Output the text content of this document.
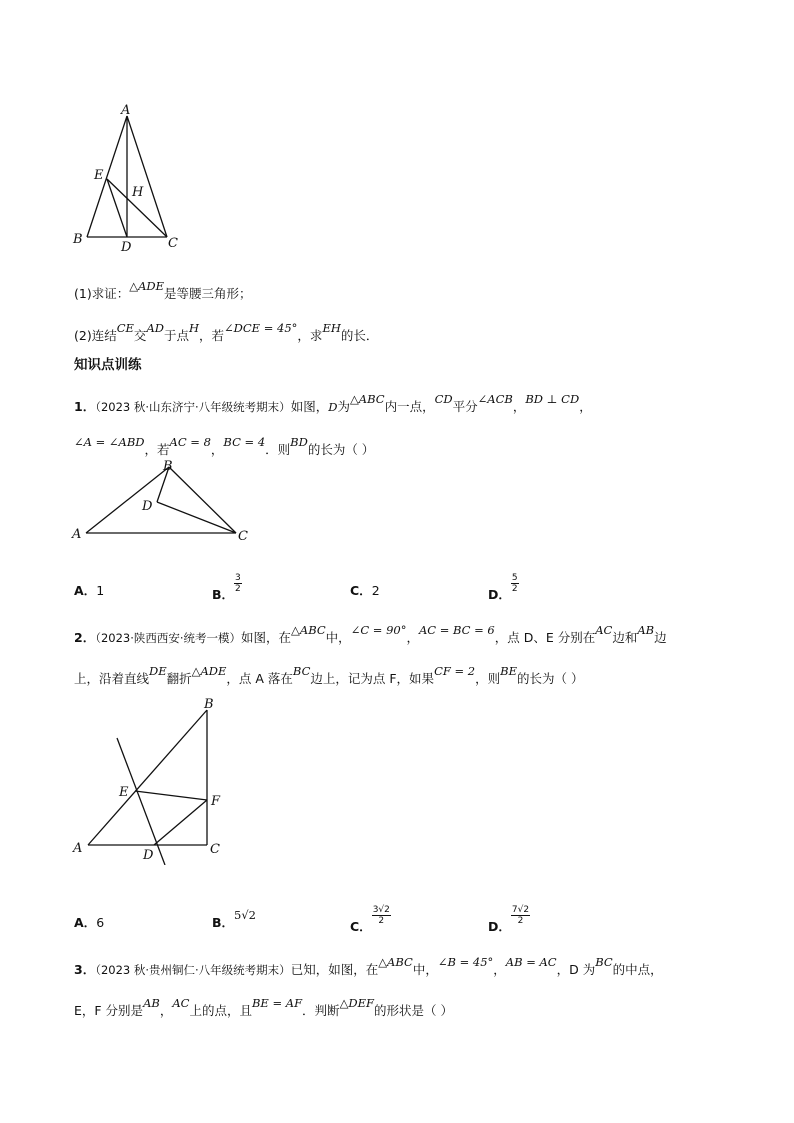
A
E
H
B
D	C
(1)求证：△ADE是等腰三角形；
(2)连结CE交AD于点H，若∠DCE = 45°，求EH的长．
知识点训练
1．（2023 秋·山东济宁·八年级统考期末）如图，D为△ABC内一点，CD平分∠ACB，BD ⊥ CD，
∠A = ∠ABD，若AC = 8，BC = 4．则BD的长为（ ）
B
D
A	C
A．1	B．
$\frac{3}{2}$	C．2	D．
$\frac{5}{2}$
2．（2023·陕西西安·统考一模）如图，在△ABC中，∠C = 90°，AC = BC = 6，点 D、E 分别在AC边和AB边
上，沿着直线DE翻折△ADE，点 A 落在BC边上，记为点 F，如果CF = 2，则BE的长为（ ）
B
E
F
A	D	C
A．6	B．5√2
C．
$\frac{3√2}{2}$
D．
$\frac{7√2}{2}$
3．（2023 秋·贵州铜仁·八年级统考期末）已知，如图，在△ABC中，∠B = 45°，AB = AC，D 为BC的中点，
E，F 分别是AB，AC上的点，且BE = AF．判断△DEF的形状是（ ）
